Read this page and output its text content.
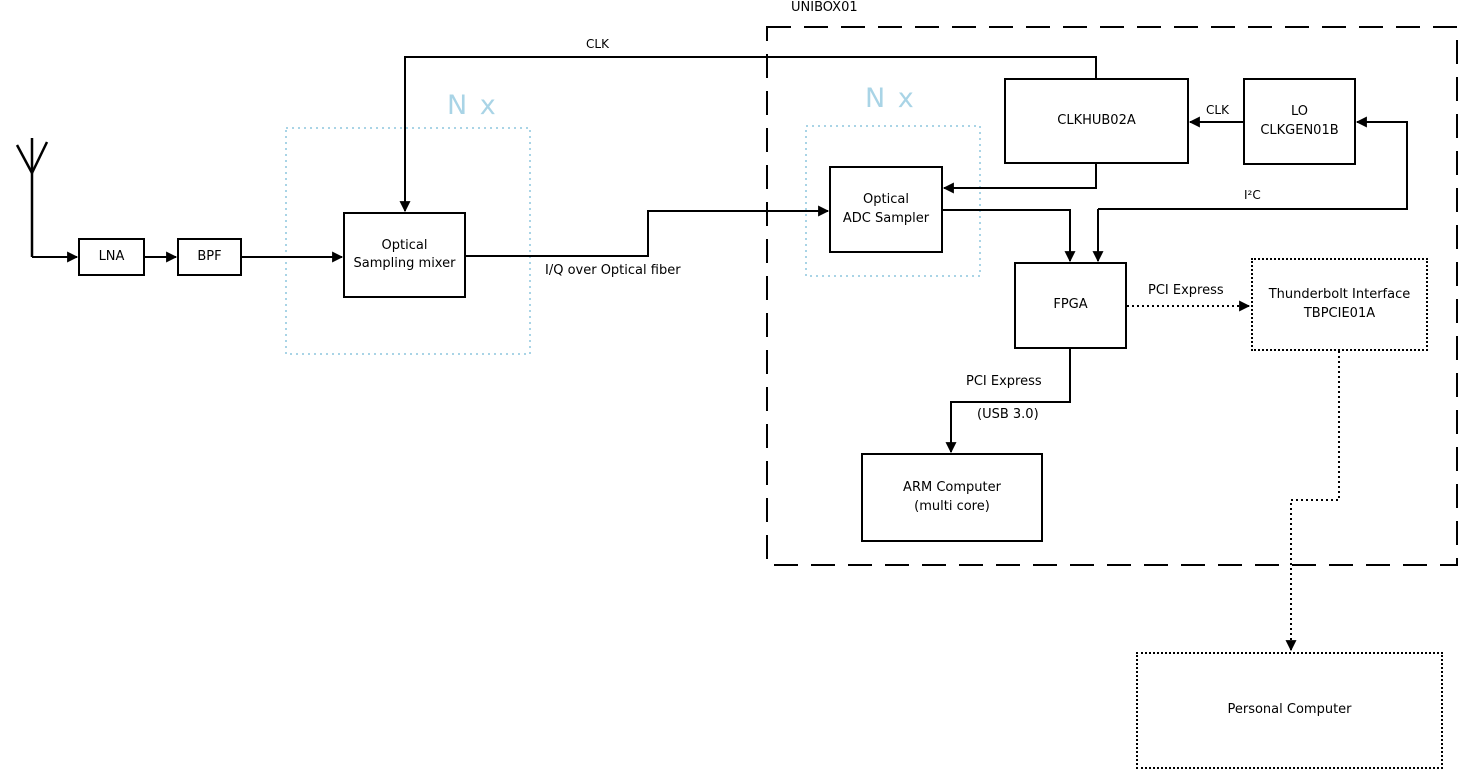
LNA	BPF
Optical
Sampling mixer
Optical
ADC Sampler
CLKHUB02A
LO
CLKGEN01B
FPGA
ARM Computer
(multi core)
Thunderbolt Interface
TBPCIE01A
Personal Computer
UNIBOX01
N x	N x
CLK
CLK
I²C
I/Q over Optical fiber
PCI Express
PCI Express
(USB 3.0)
